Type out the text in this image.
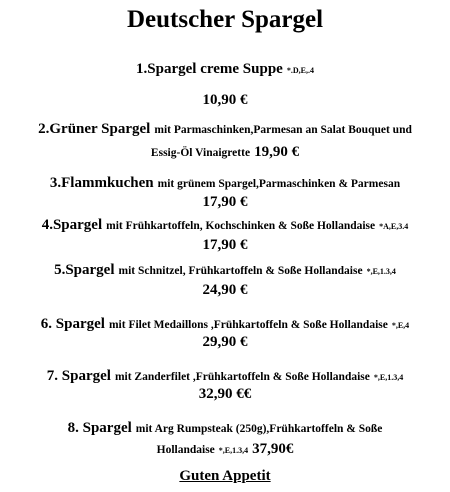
Deutscher Spargel
1.Spargel creme Suppe *.D,E,.4
10,90 €
2.Grüner Spargel mit Parmaschinken,Parmesan an Salat Bouquet und
Essig-Öl Vinaigrette 19,90 €
3.Flammkuchen mit grünem Spargel,Parmaschinken & Parmesan
17,90 €
4.Spargel mit Frühkartoffeln, Kochschinken & Soße Hollandaise *A,E,3.4
17,90 €
5.Spargel mit Schnitzel, Frühkartoffeln & Soße Hollandaise *,E,1.3,4
24,90 €
6. Spargel mit Filet Medaillons ,Frühkartoffeln & Soße Hollandaise *,E,4
29,90 €
7. Spargel mit Zanderfilet ,Frühkartoffeln & Soße Hollandaise *,E,1.3,4
32,90 €€
8. Spargel mit Arg Rumpsteak (250g),Frühkartoffeln & Soße
Hollandaise *,E,1.3,4 37,90€
Guten Appetit
